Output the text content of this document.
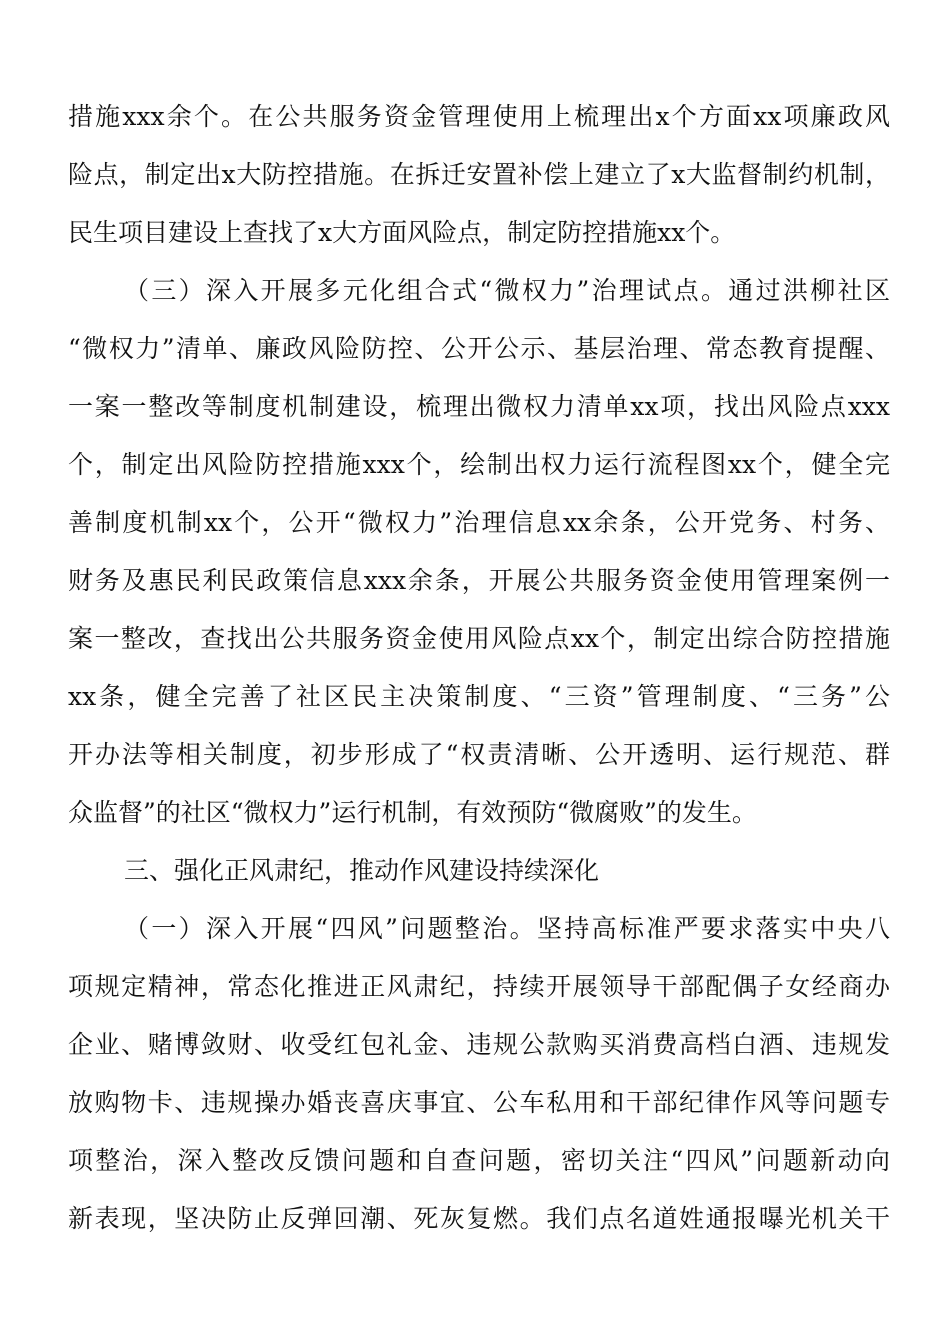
措施xxx余个。在公共服务资金管理使用上梳理出x个方面xx项廉政风
险点，制定出x大防控措施。在拆迁安置补偿上建立了x大监督制约机制，
民生项目建设上查找了x大方面风险点，制定防控措施xx个。
（三）深入开展多元化组合式“微权力”治理试点。通过洪柳社区
“微权力”清单、廉政风险防控、公开公示、基层治理、常态教育提醒、
一案一整改等制度机制建设，梳理出微权力清单xx项，找出风险点xxx
个，制定出风险防控措施xxx个，绘制出权力运行流程图xx个，健全完
善制度机制xx个，公开“微权力”治理信息xx余条，公开党务、村务、
财务及惠民利民政策信息xxx余条，开展公共服务资金使用管理案例一
案一整改，查找出公共服务资金使用风险点xx个，制定出综合防控措施
xx条，健全完善了社区民主决策制度、“三资”管理制度、“三务”公
开办法等相关制度，初步形成了“权责清晰、公开透明、运行规范、群
众监督”的社区“微权力”运行机制，有效预防“微腐败”的发生。
三、强化正风肃纪，推动作风建设持续深化
（一）深入开展“四风”问题整治。坚持高标准严要求落实中央八
项规定精神，常态化推进正风肃纪，持续开展领导干部配偶子女经商办
企业、赌博敛财、收受红包礼金、违规公款购买消费高档白酒、违规发
放购物卡、违规操办婚丧喜庆事宜、公车私用和干部纪律作风等问题专
项整治，深入整改反馈问题和自查问题，密切关注“四风”问题新动向
新表现，坚决防止反弹回潮、死灰复燃。我们点名道姓通报曝光机关干
